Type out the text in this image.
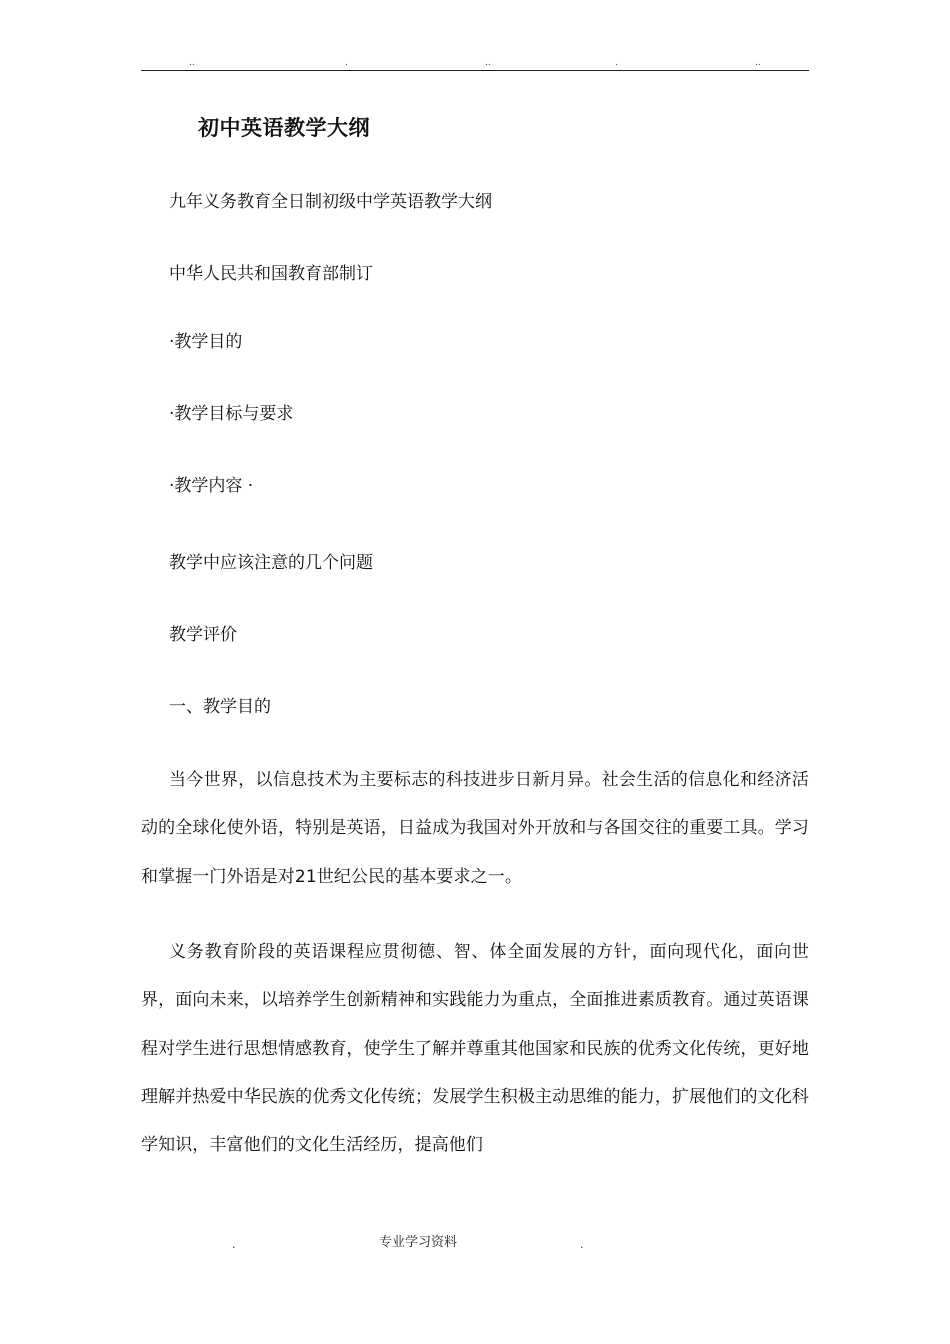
..	.	..	.	..
初中英语教学大纲

九年义务教育全日制初级中学英语教学大纲

中华人民共和国教育部制订

·教学目的

·教学目标与要求

·教学内容 ·

教学中应该注意的几个问题

教学评价

一、教学目的

当今世界，以信息技术为主要标志的科技进步日新月异。社会生活的信息化和经济活动的全球化使外语，特别是英语，日益成为我国对外开放和与各国交往的重要工具。学习和掌握一门外语是对21世纪公民的基本要求之一。

义务教育阶段的英语课程应贯彻德、智、体全面发展的方针，面向现代化，面向世界，面向未来，以培养学生创新精神和实践能力为重点，全面推进素质教育。通过英语课程对学生进行思想情感教育，使学生了解并尊重其他国家和民族的优秀文化传统，更好地理解并热爱中华民族的优秀文化传统；发展学生积极主动思维的能力，扩展他们的文化科学知识，丰富他们的文化生活经历，提高他们

.	专业学习资料	.
